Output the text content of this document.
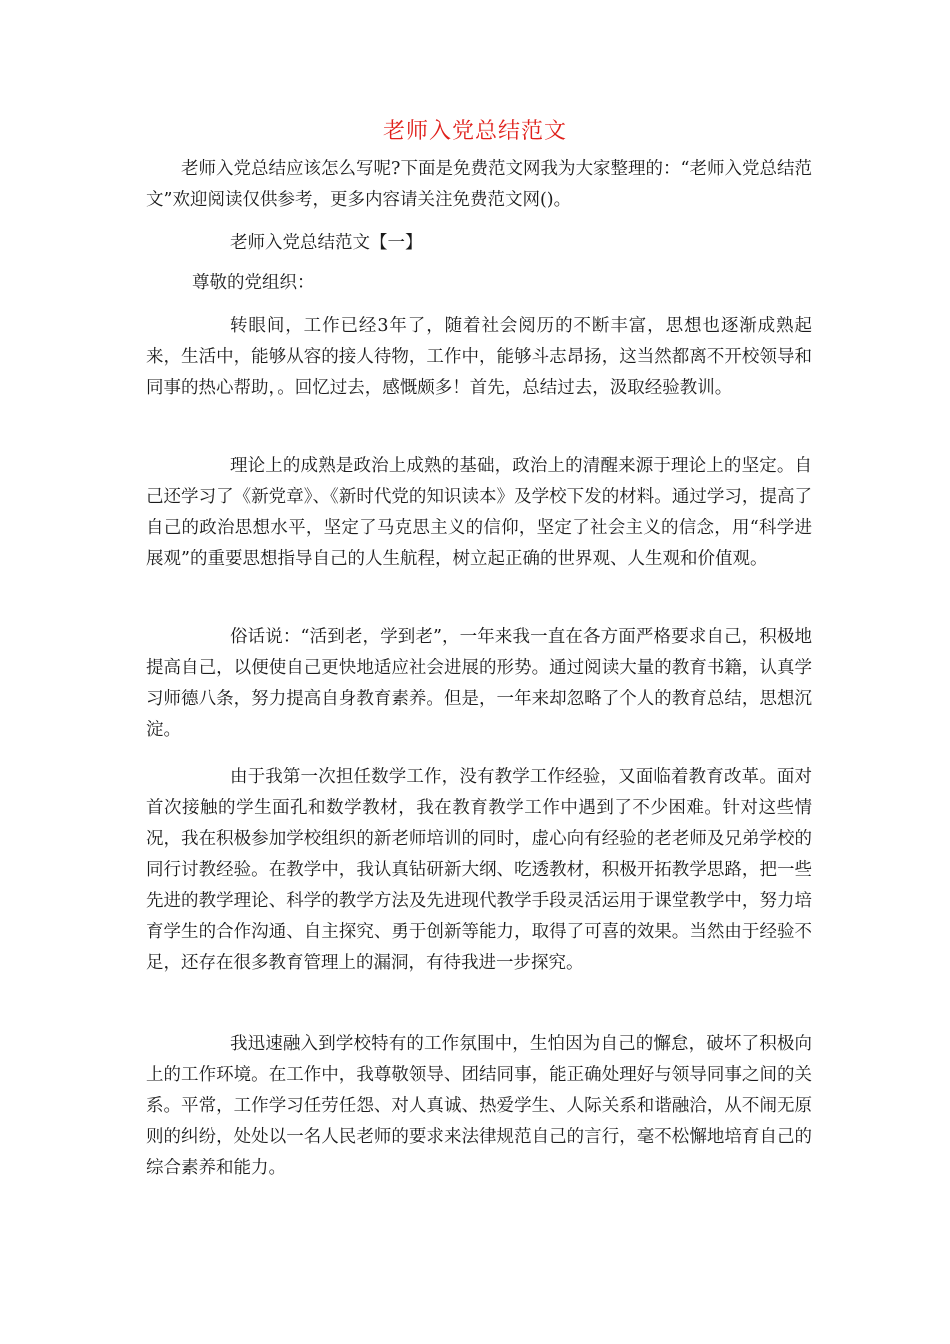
老师入党总结范文

老师入党总结应该怎么写呢?下面是免费范文网我为大家整理的：“老师入党总结范文”欢迎阅读仅供参考，更多内容请关注免费范文网()。

老师入党总结范文【一】

尊敬的党组织：

转眼间，工作已经3年了，随着社会阅历的不断丰富，思想也逐渐成熟起来，生活中，能够从容的接人待物，工作中，能够斗志昂扬，这当然都离不开校领导和同事的热心帮助，。回忆过去，感慨颇多！首先，总结过去，汲取经验教训。

理论上的成熟是政治上成熟的基础，政治上的清醒来源于理论上的坚定。自己还学习了《新党章》、《新时代党的知识读本》及学校下发的材料。通过学习，提高了自己的政治思想水平，坚定了马克思主义的信仰，坚定了社会主义的信念，用“科学进展观”的重要思想指导自己的人生航程，树立起正确的世界观、人生观和价值观。

俗话说：“活到老，学到老”，一年来我一直在各方面严格要求自己，积极地提高自己，以便使自己更快地适应社会进展的形势。通过阅读大量的教育书籍，认真学习师德八条，努力提高自身教育素养。但是，一年来却忽略了个人的教育总结，思想沉淀。

由于我第一次担任数学工作，没有教学工作经验，又面临着教育改革。面对首次接触的学生面孔和数学教材，我在教育教学工作中遇到了不少困难。针对这些情况，我在积极参加学校组织的新老师培训的同时，虚心向有经验的老老师及兄弟学校的同行讨教经验。在教学中，我认真钻研新大纲、吃透教材，积极开拓教学思路，把一些先进的教学理论、科学的教学方法及先进现代教学手段灵活运用于课堂教学中，努力培育学生的合作沟通、自主探究、勇于创新等能力，取得了可喜的效果。当然由于经验不足，还存在很多教育管理上的漏洞，有待我进一步探究。

我迅速融入到学校特有的工作氛围中，生怕因为自己的懈怠，破坏了积极向上的工作环境。在工作中，我尊敬领导、团结同事，能正确处理好与领导同事之间的关系。平常，工作学习任劳任怨、对人真诚、热爱学生、人际关系和谐融洽，从不闹无原则的纠纷，处处以一名人民老师的要求来法律规范自己的言行，毫不松懈地培育自己的综合素养和能力。
